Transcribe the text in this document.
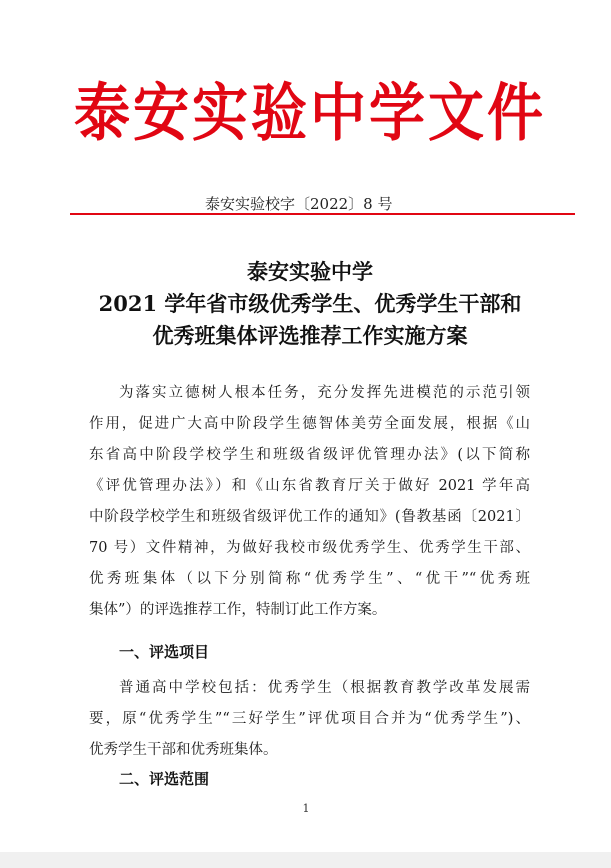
泰安实验中学文件
泰安实验校字〔2022〕8 号
泰安实验中学
2021 学年省市级优秀学生、优秀学生干部和
优秀班集体评选推荐工作实施方案
为落实立德树人根本任务，充分发挥先进模范的示范引领
作用，促进广大高中阶段学生德智体美劳全面发展，根据《山
东省高中阶段学校学生和班级省级评优管理办法》(以下简称
《评优管理办法》）和《山东省教育厅关于做好 2021 学年高
中阶段学校学生和班级省级评优工作的通知》(鲁教基函〔2021〕
70 号）文件精神，为做好我校市级优秀学生、优秀学生干部、
优秀班集体（以下分别简称“优秀学生”、“优干”“优秀班
集体”）的评选推荐工作，特制订此工作方案。
一、评选项目
普通高中学校包括：优秀学生（根据教育教学改革发展需
要，原“优秀学生”“三好学生”评优项目合并为“优秀学生”)、
优秀学生干部和优秀班集体。
二、评选范围
1
